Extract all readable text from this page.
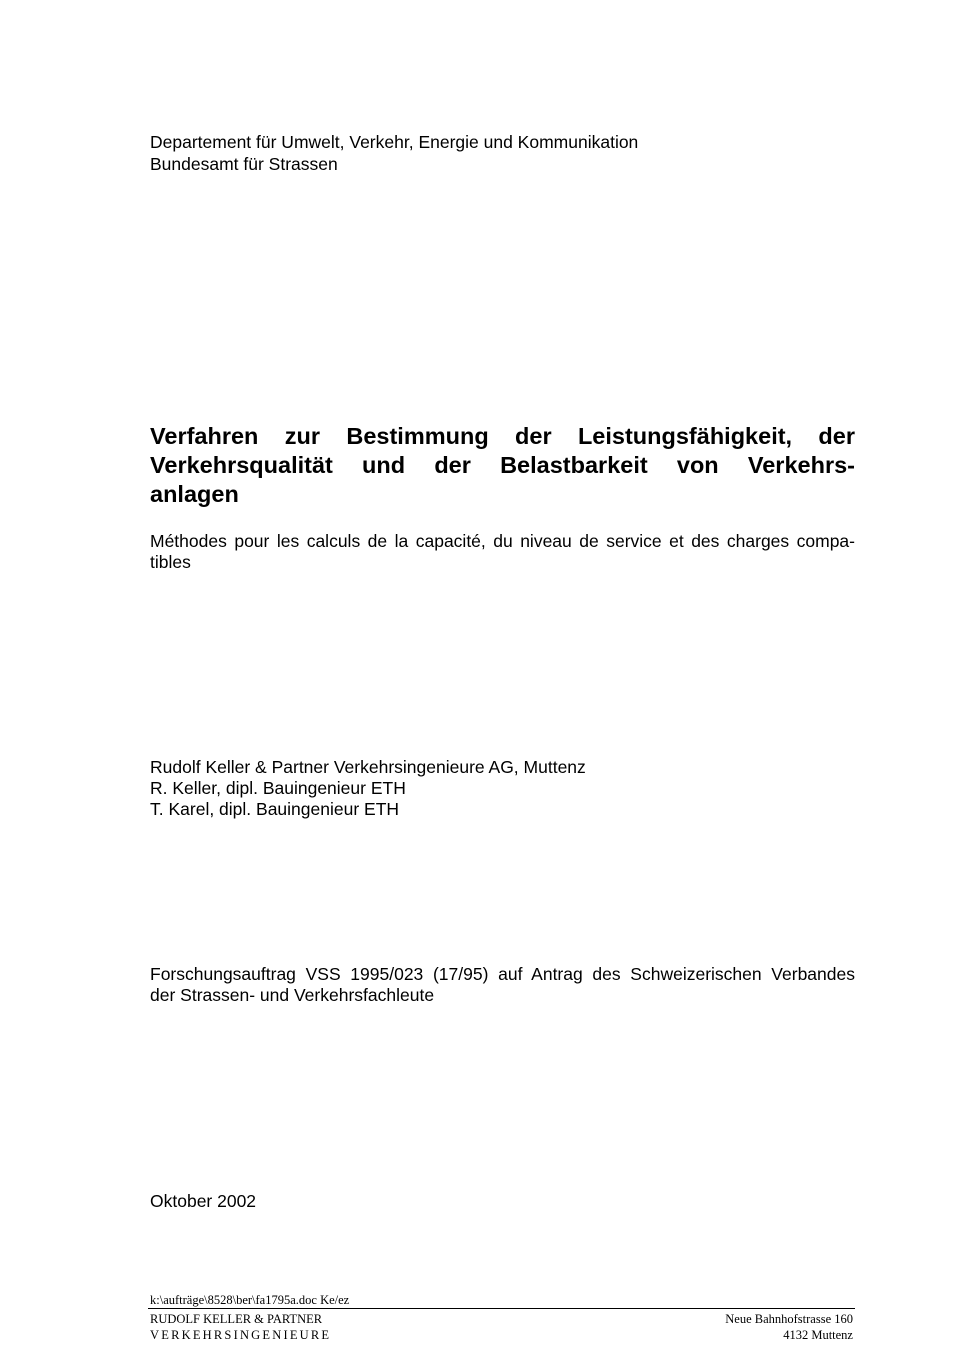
Departement für Umwelt, Verkehr, Energie und Kommunikation
Bundesamt für Strassen
Verfahren zur Bestimmung der Leistungsfähigkeit, der
Verkehrsqualität und der Belastbarkeit von Verkehrs-
anlagen
Méthodes pour les calculs de la capacité, du niveau de service et des charges compa-
tibles
Rudolf Keller & Partner Verkehrsingenieure AG, Muttenz
R. Keller, dipl. Bauingenieur ETH
T. Karel, dipl. Bauingenieur ETH
Forschungsauftrag VSS 1995/023 (17/95) auf Antrag des Schweizerischen Verbandes
der Strassen- und Verkehrsfachleute
Oktober 2002
k:\aufträge\8528\ber\fa1795a.doc Ke/ez
RUDOLF KELLER & PARTNER
VERKEHRSINGENIEURE
Neue Bahnhofstrasse 160
4132 Muttenz
